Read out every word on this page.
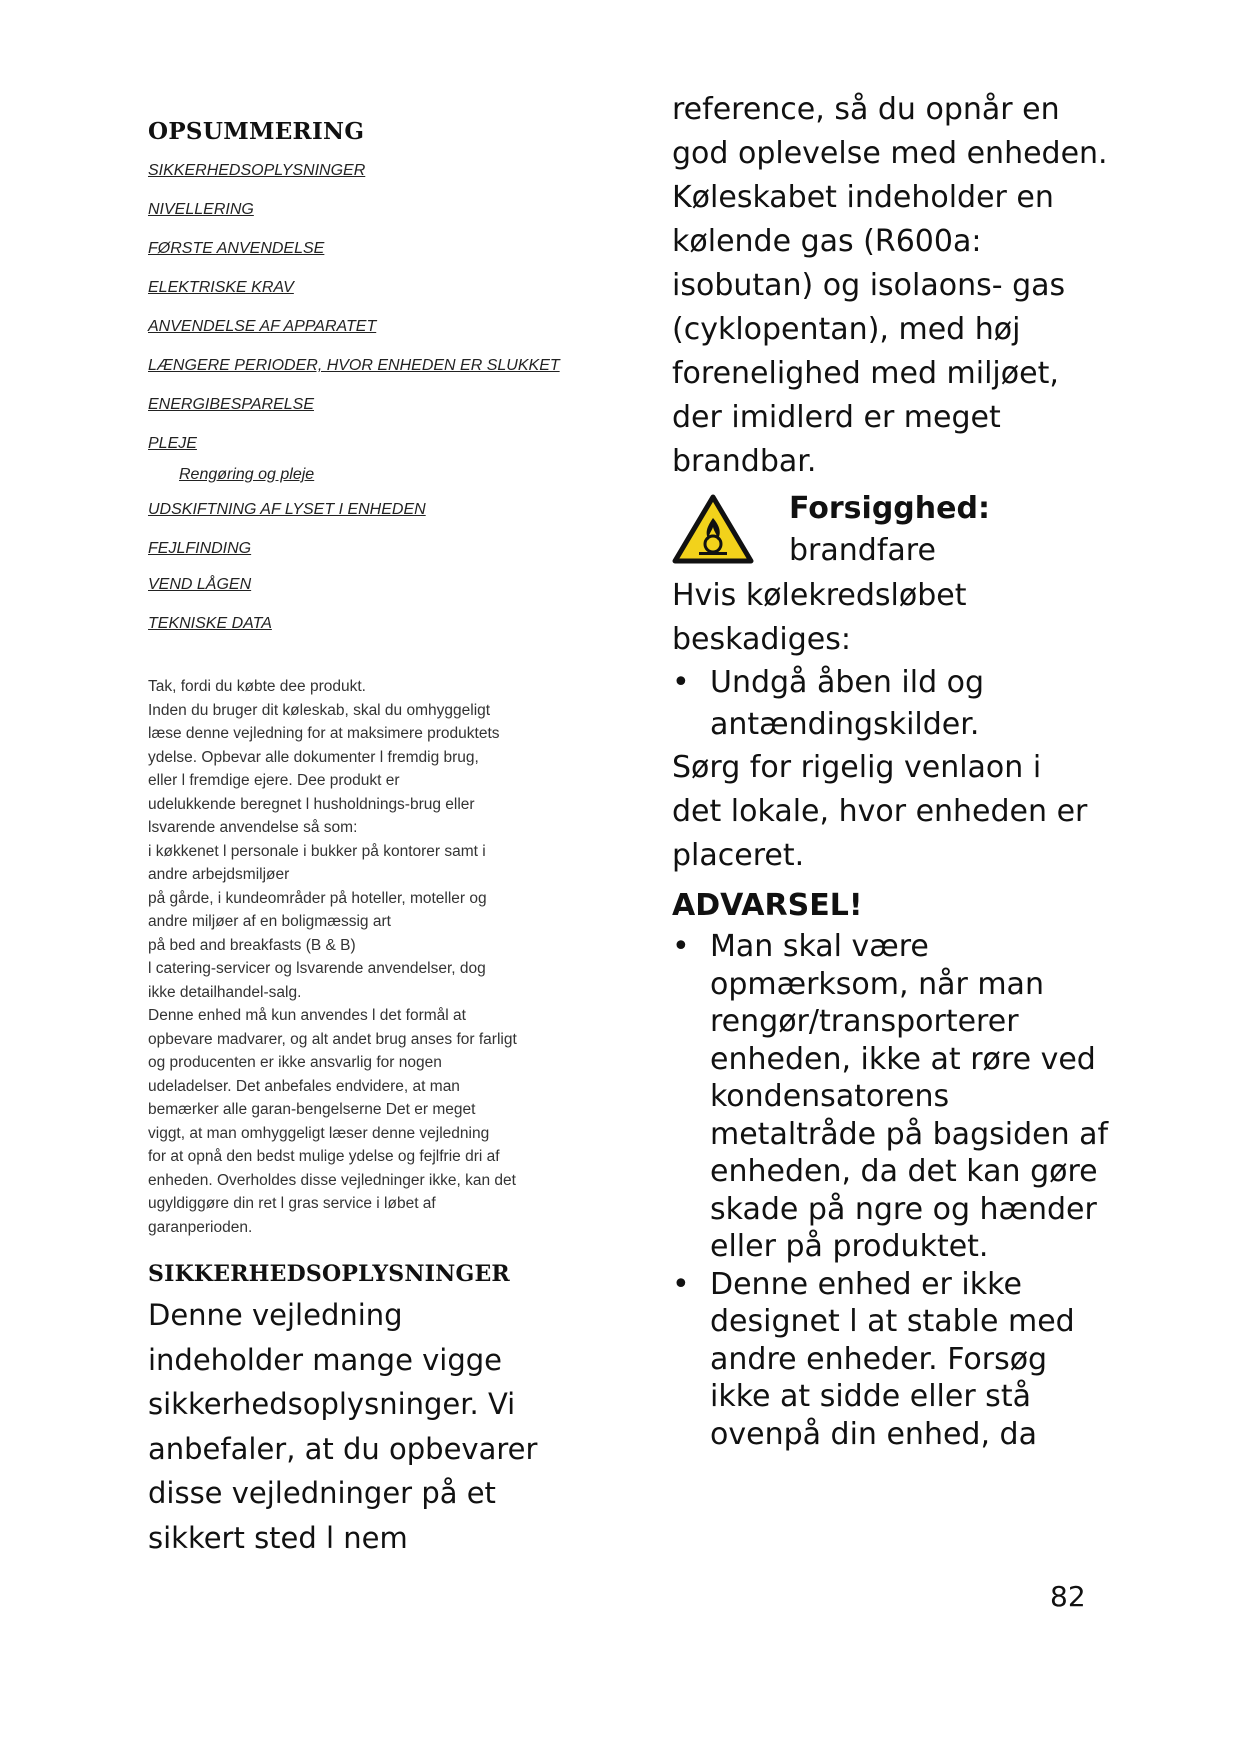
OPSUMMERING
SIKKERHEDSOPLYSNINGER
NIVELLERING
FØRSTE ANVENDELSE
ELEKTRISKE KRAV
ANVENDELSE AF APPARATET
LÆNGERE PERIODER, HVOR ENHEDEN ER SLUKKET
ENERGIBESPARELSE
PLEJE
Rengøring og pleje
UDSKIFTNING AF LYSET I ENHEDEN
FEJLFINDING
VEND LÅGEN
TEKNISKE DATA

Tak, fordi du købte dee produkt.

Inden du bruger dit køleskab, skal du omhyggeligt

læse denne vejledning for at maksimere produktets

ydelse. Opbevar alle dokumenter l fremdig brug,

eller l fremdige ejere. Dee produkt er

udelukkende beregnet l husholdnings-brug eller

lsvarende anvendelse så som:

i køkkenet l personale i bukker på kontorer samt i

andre arbejdsmiljøer

på gårde, i kundeområder på hoteller, moteller og

andre miljøer af en boligmæssig art

på bed and breakfasts (B & B)

l catering-servicer og lsvarende anvendelser, dog

ikke detailhandel-salg.

Denne enhed må kun anvendes l det formål at

opbevare madvarer, og alt andet brug anses for farligt

og producenten er ikke ansvarlig for nogen

udeladelser. Det anbefales endvidere, at man

bemærker alle garan-bengelserne Det er meget

viggt, at man omhyggeligt læser denne vejledning

for at opnå den bedst mulige ydelse og fejlfrie dri af

enheden. Overholdes disse vejledninger ikke, kan det

ugyldiggøre din ret l gras service i løbet af

garanperioden.

SIKKERHEDSOPLYSNINGER

Denne vejledning

indeholder mange vigge

sikkerhedsoplysninger. Vi

anbefaler, at du opbevarer

disse vejledninger på et

sikkert sted l nem

reference, så du opnår en

god oplevelse med enheden.

Køleskabet indeholder en

kølende gas (R600a:

isobutan) og isolaons- gas

(cyklopentan), med høj

forenelighed med miljøet,

der imidlerd er meget

brandbar.

Forsigghed:
brandfare

Hvis kølekredsløbet

beskadiges:

• Undgå åben ild og
antændingskilder.

Sørg for rigelig venlaon i

det lokale, hvor enheden er

placeret.

ADVARSEL!
• Man skal være opmærksom, når man rengør/transporterer enheden, ikke at røre ved kondensatorens metaltråde på bagsiden af enheden, da det kan gøre skade på ngre og hænder eller på produktet.
• Denne enhed er ikke designet l at stable med andre enheder. Forsøg ikke at sidde eller stå ovenpå din enhed, da
82
